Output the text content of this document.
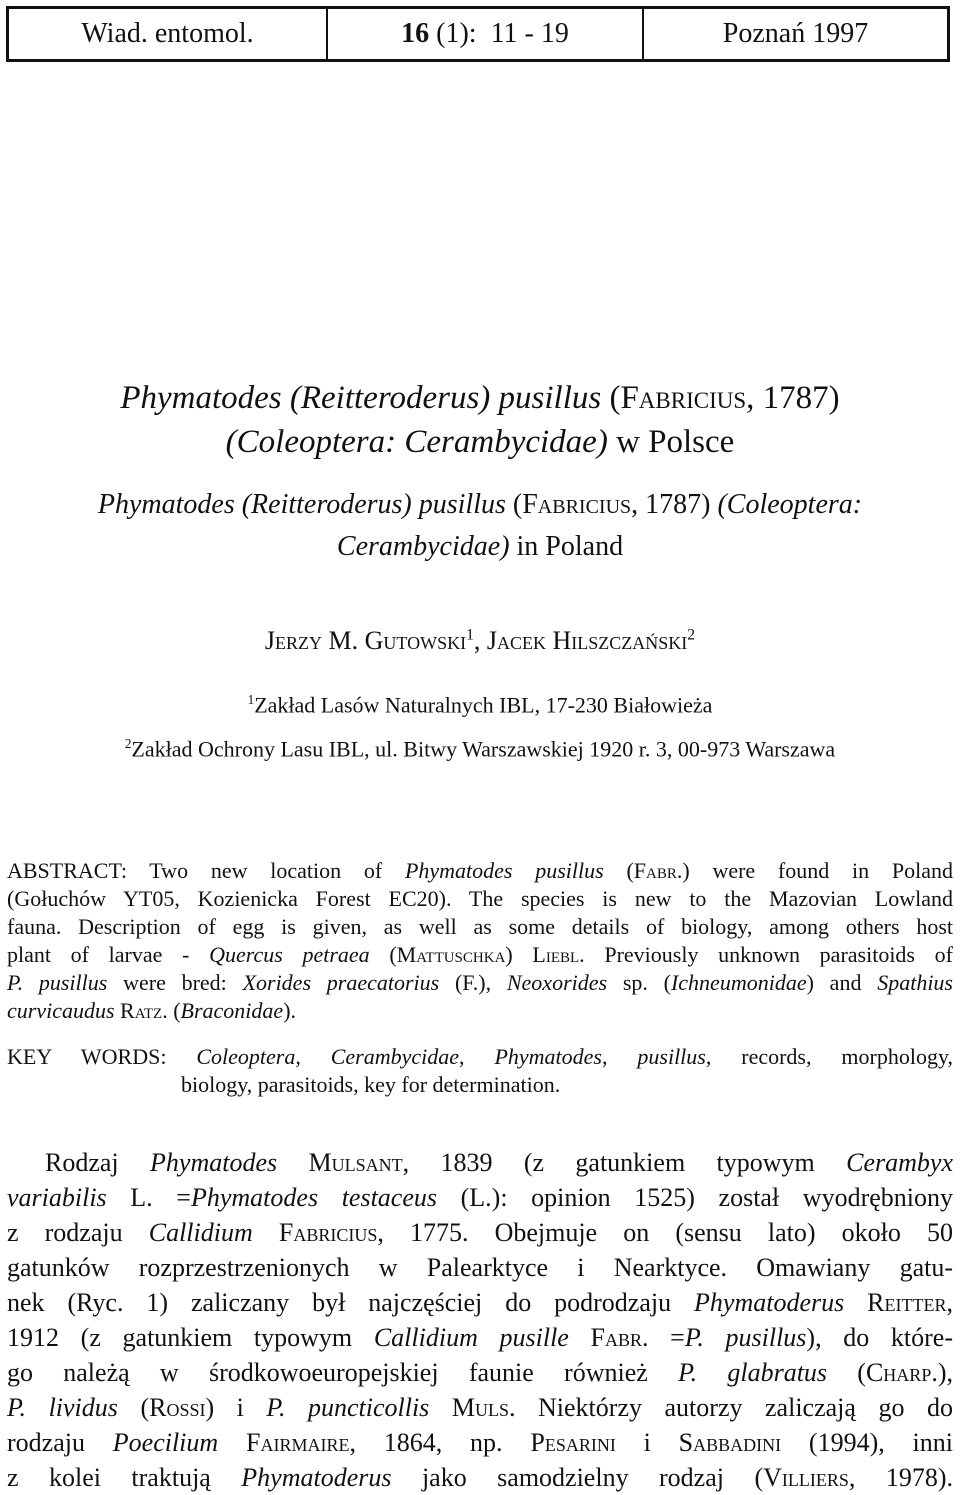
Wiad. entomol.	16 (1):  11 - 19	Poznań 1997
Phymatodes (Reitteroderus) pusillus (Fabricius, 1787)
(Coleoptera: Cerambycidae) w Polsce
Phymatodes (Reitteroderus) pusillus (Fabricius, 1787) (Coleoptera:
Cerambycidae) in Poland
Jerzy M. Gutowski$^1$, Jacek Hilszczański$^2$
$^1$Zakład Lasów Naturalnych IBL, 17-230 Białowieża
$^2$Zakład Ochrony Lasu IBL, ul. Bitwy Warszawskiej 1920 r. 3, 00-973 Warszawa
ABSTRACT: Two new location of Phymatodes pusillus (Fabr.) were found in Poland
(Gołuchów YT05, Kozienicka Forest EC20). The species is new to the Mazovian Lowland
fauna. Description of egg is given, as well as some details of biology, among others host
plant of larvae - Quercus petraea (Mattuschka) Liebl. Previously unknown parasitoids of
P. pusillus were bred: Xorides praecatorius (F.), Neoxorides sp. (Ichneumonidae) and Spathius
curvicaudus Ratz. (Braconidae).
KEY WORDS: Coleoptera, Cerambycidae, Phymatodes, pusillus, records, morphology,
biology, parasitoids, key for determination.
Rodzaj Phymatodes Mulsant, 1839 (z gatunkiem typowym Cerambyx
variabilis L. =Phymatodes testaceus (L.): opinion 1525) został wyodrębniony
z rodzaju Callidium Fabricius, 1775. Obejmuje on (sensu lato) około 50
gatunków rozprzestrzenionych w Palearktyce i Nearktyce. Omawiany gatu-
nek (Ryc. 1) zaliczany był najczęściej do podrodzaju Phymatoderus Reitter,
1912 (z gatunkiem typowym Callidium pusille Fabr. =P. pusillus), do które-
go należą w środkowoeuropejskiej faunie również P. glabratus (Charp.),
P. lividus (Rossi) i P. puncticollis Muls. Niektórzy autorzy zaliczają go do
rodzaju Poecilium Fairmaire, 1864, np. Pesarini i Sabbadini (1994), inni
z kolei traktują Phymatoderus jako samodzielny rodzaj (Villiers, 1978).
